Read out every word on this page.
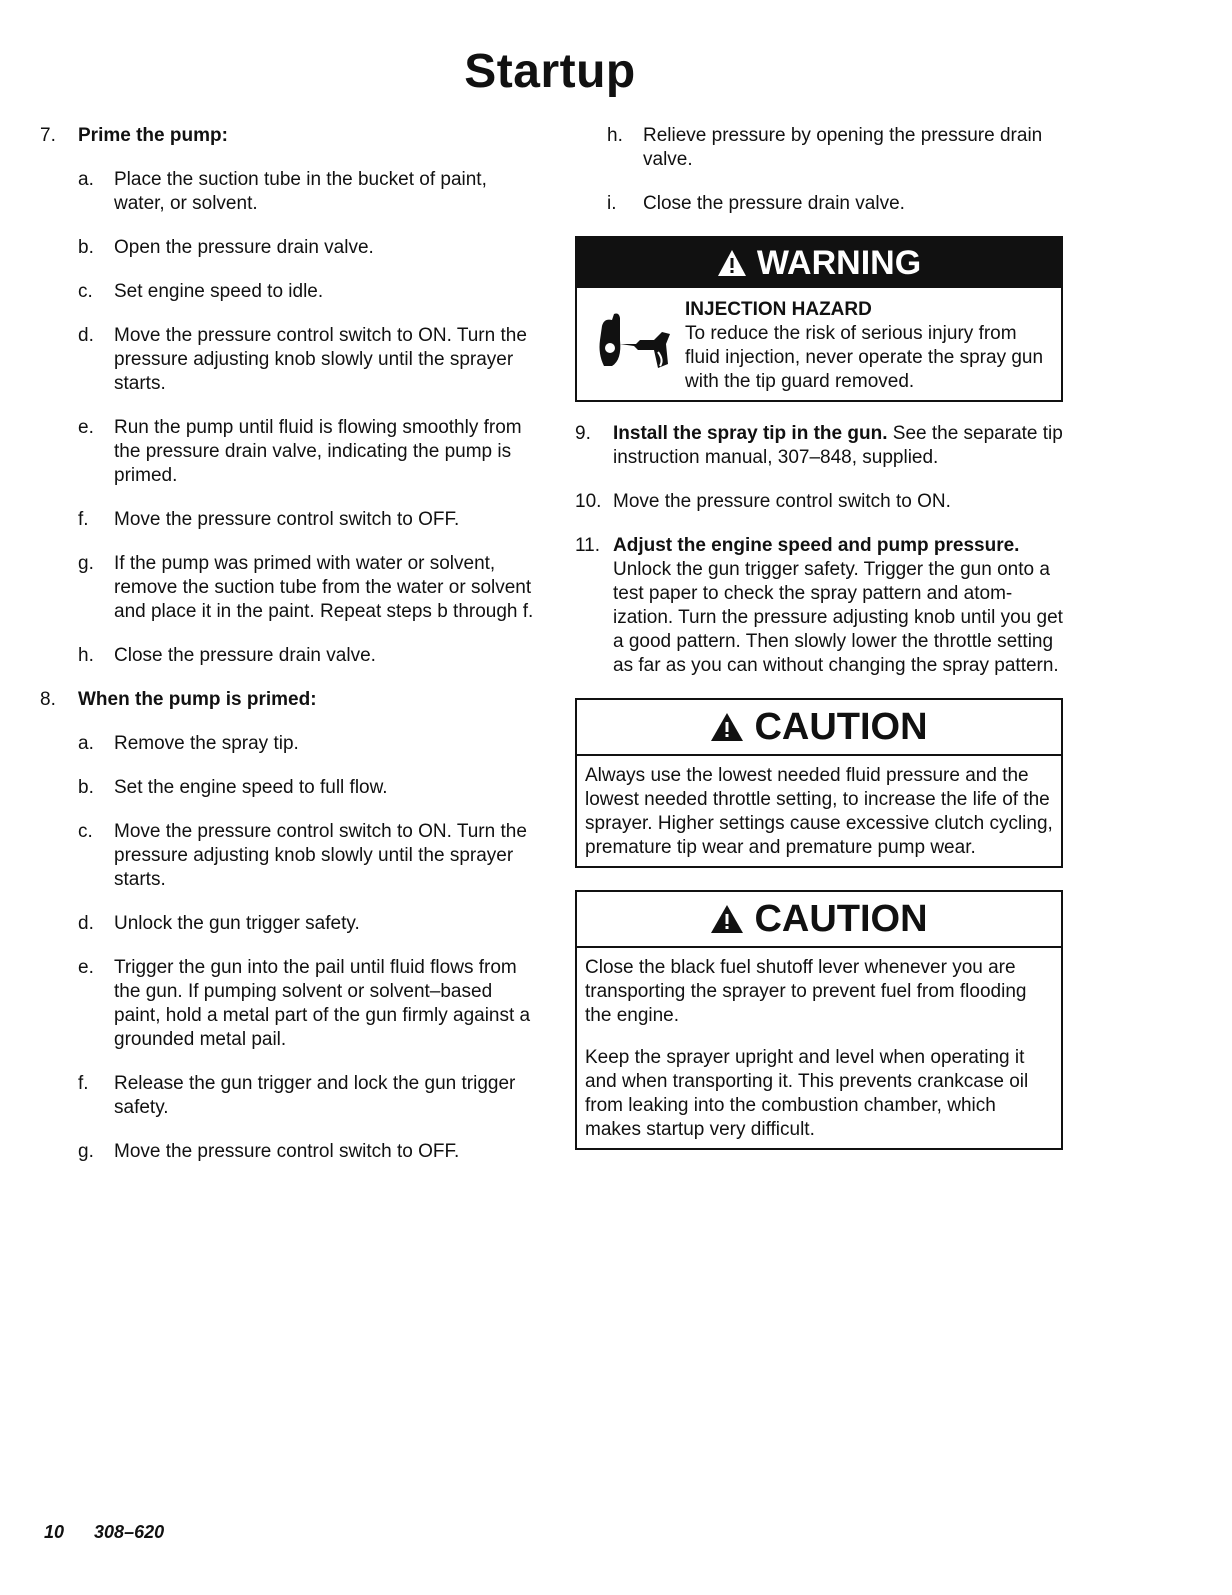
Startup
7.	Prime the pump:
a.	Place the suction tube in the bucket of paint, water, or solvent.
b.	Open the pressure drain valve.
c.	Set engine speed to idle.
d.	Move the pressure control switch to ON. Turn the pressure adjusting knob slowly until the sprayer starts.
e.	Run the pump until fluid is flowing smoothly from the pressure drain valve, indicating the pump is primed.
f.	Move the pressure control switch to OFF.
g.	If the pump was primed with water or solvent, remove the suction tube from the water or solvent and place it in the paint. Repeat steps b through f.
h.	Close the pressure drain valve.
8.	When the pump is primed:
a.	Remove the spray tip.
b.	Set the engine speed to full flow.
c.	Move the pressure control switch to ON. Turn the pressure adjusting knob slowly until the sprayer starts.
d.	Unlock the gun trigger safety.
e.	Trigger the gun into the pail until fluid flows from the gun. If pumping solvent or solvent–based paint, hold a metal part of the gun firmly against a grounded metal pail.
f.	Release the gun trigger and lock the gun trigger safety.
g.	Move the pressure control switch to OFF.
h.	Relieve pressure by opening the pressure drain valve.
i.	Close the pressure drain valve.
WARNING
INJECTION HAZARD
To reduce the risk of serious injury from fluid injection, never operate the spray gun with the tip guard removed.
9.	Install the spray tip in the gun. See the separate tip instruction manual, 307–848, supplied.
10. Move the pressure control switch to ON.
11. Adjust the engine speed and pump pressure.
Unlock the gun trigger safety. Trigger the gun onto a test paper to check the spray pattern and atom- ization. Turn the pressure adjusting knob until you get a good pattern. Then slowly lower the throttle setting as far as you can without changing the spray pattern.
CAUTION

Always use the lowest needed fluid pressure and the lowest needed throttle setting, to increase the life of the sprayer. Higher settings cause excessive clutch cycling, premature tip wear and premature pump wear.

CAUTION

Close the black fuel shutoff lever whenever you are transporting the sprayer to prevent fuel from flooding the engine.

Keep the sprayer upright and level when operating it and when transporting it. This prevents crankcase oil from leaking into the combustion chamber, which makes startup very difficult.

10 308–620
